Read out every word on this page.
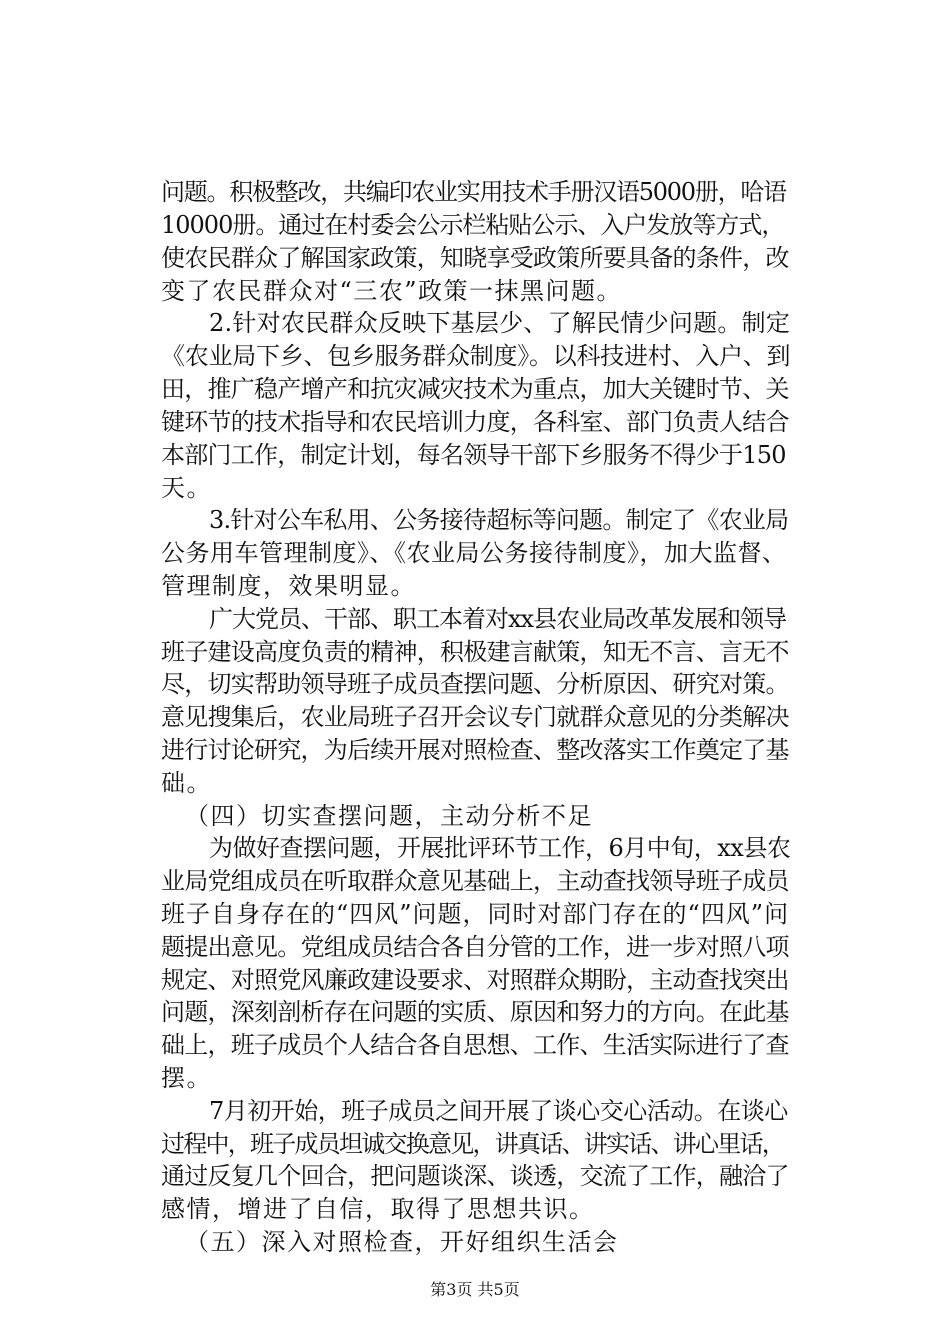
问题。积极整改，共编印农业实用技术手册汉语5000册，哈语
10000册。通过在村委会公示栏粘贴公示、入户发放等方式，
使农民群众了解国家政策，知晓享受政策所要具备的条件，改
变了农民群众对“三农”政策一抹黑问题。
2.针对农民群众反映下基层少、了解民情少问题。制定
《农业局下乡、包乡服务群众制度》。以科技进村、入户、到
田，推广稳产增产和抗灾减灾技术为重点，加大关键时节、关
键环节的技术指导和农民培训力度，各科室、部门负责人结合
本部门工作，制定计划，每名领导干部下乡服务不得少于150
天。
3.针对公车私用、公务接待超标等问题。制定了《农业局
公务用车管理制度》、《农业局公务接待制度》，加大监督、
管理制度，效果明显。
广大党员、干部、职工本着对xx县农业局改革发展和领导
班子建设高度负责的精神，积极建言献策，知无不言、言无不
尽，切实帮助领导班子成员查摆问题、分析原因、研究对策。
意见搜集后，农业局班子召开会议专门就群众意见的分类解决
进行讨论研究，为后续开展对照检查、整改落实工作奠定了基
础。
（四）切实查摆问题，主动分析不足
为做好查摆问题，开展批评环节工作，6月中旬，xx县农
业局党组成员在听取群众意见基础上，主动查找领导班子成员
班子自身存在的“四风”问题，同时对部门存在的“四风”问
题提出意见。党组成员结合各自分管的工作，进一步对照八项
规定、对照党风廉政建设要求、对照群众期盼，主动查找突出
问题，深刻剖析存在问题的实质、原因和努力的方向。在此基
础上，班子成员个人结合各自思想、工作、生活实际进行了查
摆。
7月初开始，班子成员之间开展了谈心交心活动。在谈心
过程中，班子成员坦诚交换意见，讲真话、讲实话、讲心里话，
通过反复几个回合，把问题谈深、谈透，交流了工作，融洽了
感情，增进了自信，取得了思想共识。
（五）深入对照检查，开好组织生活会
第3页 共5页
